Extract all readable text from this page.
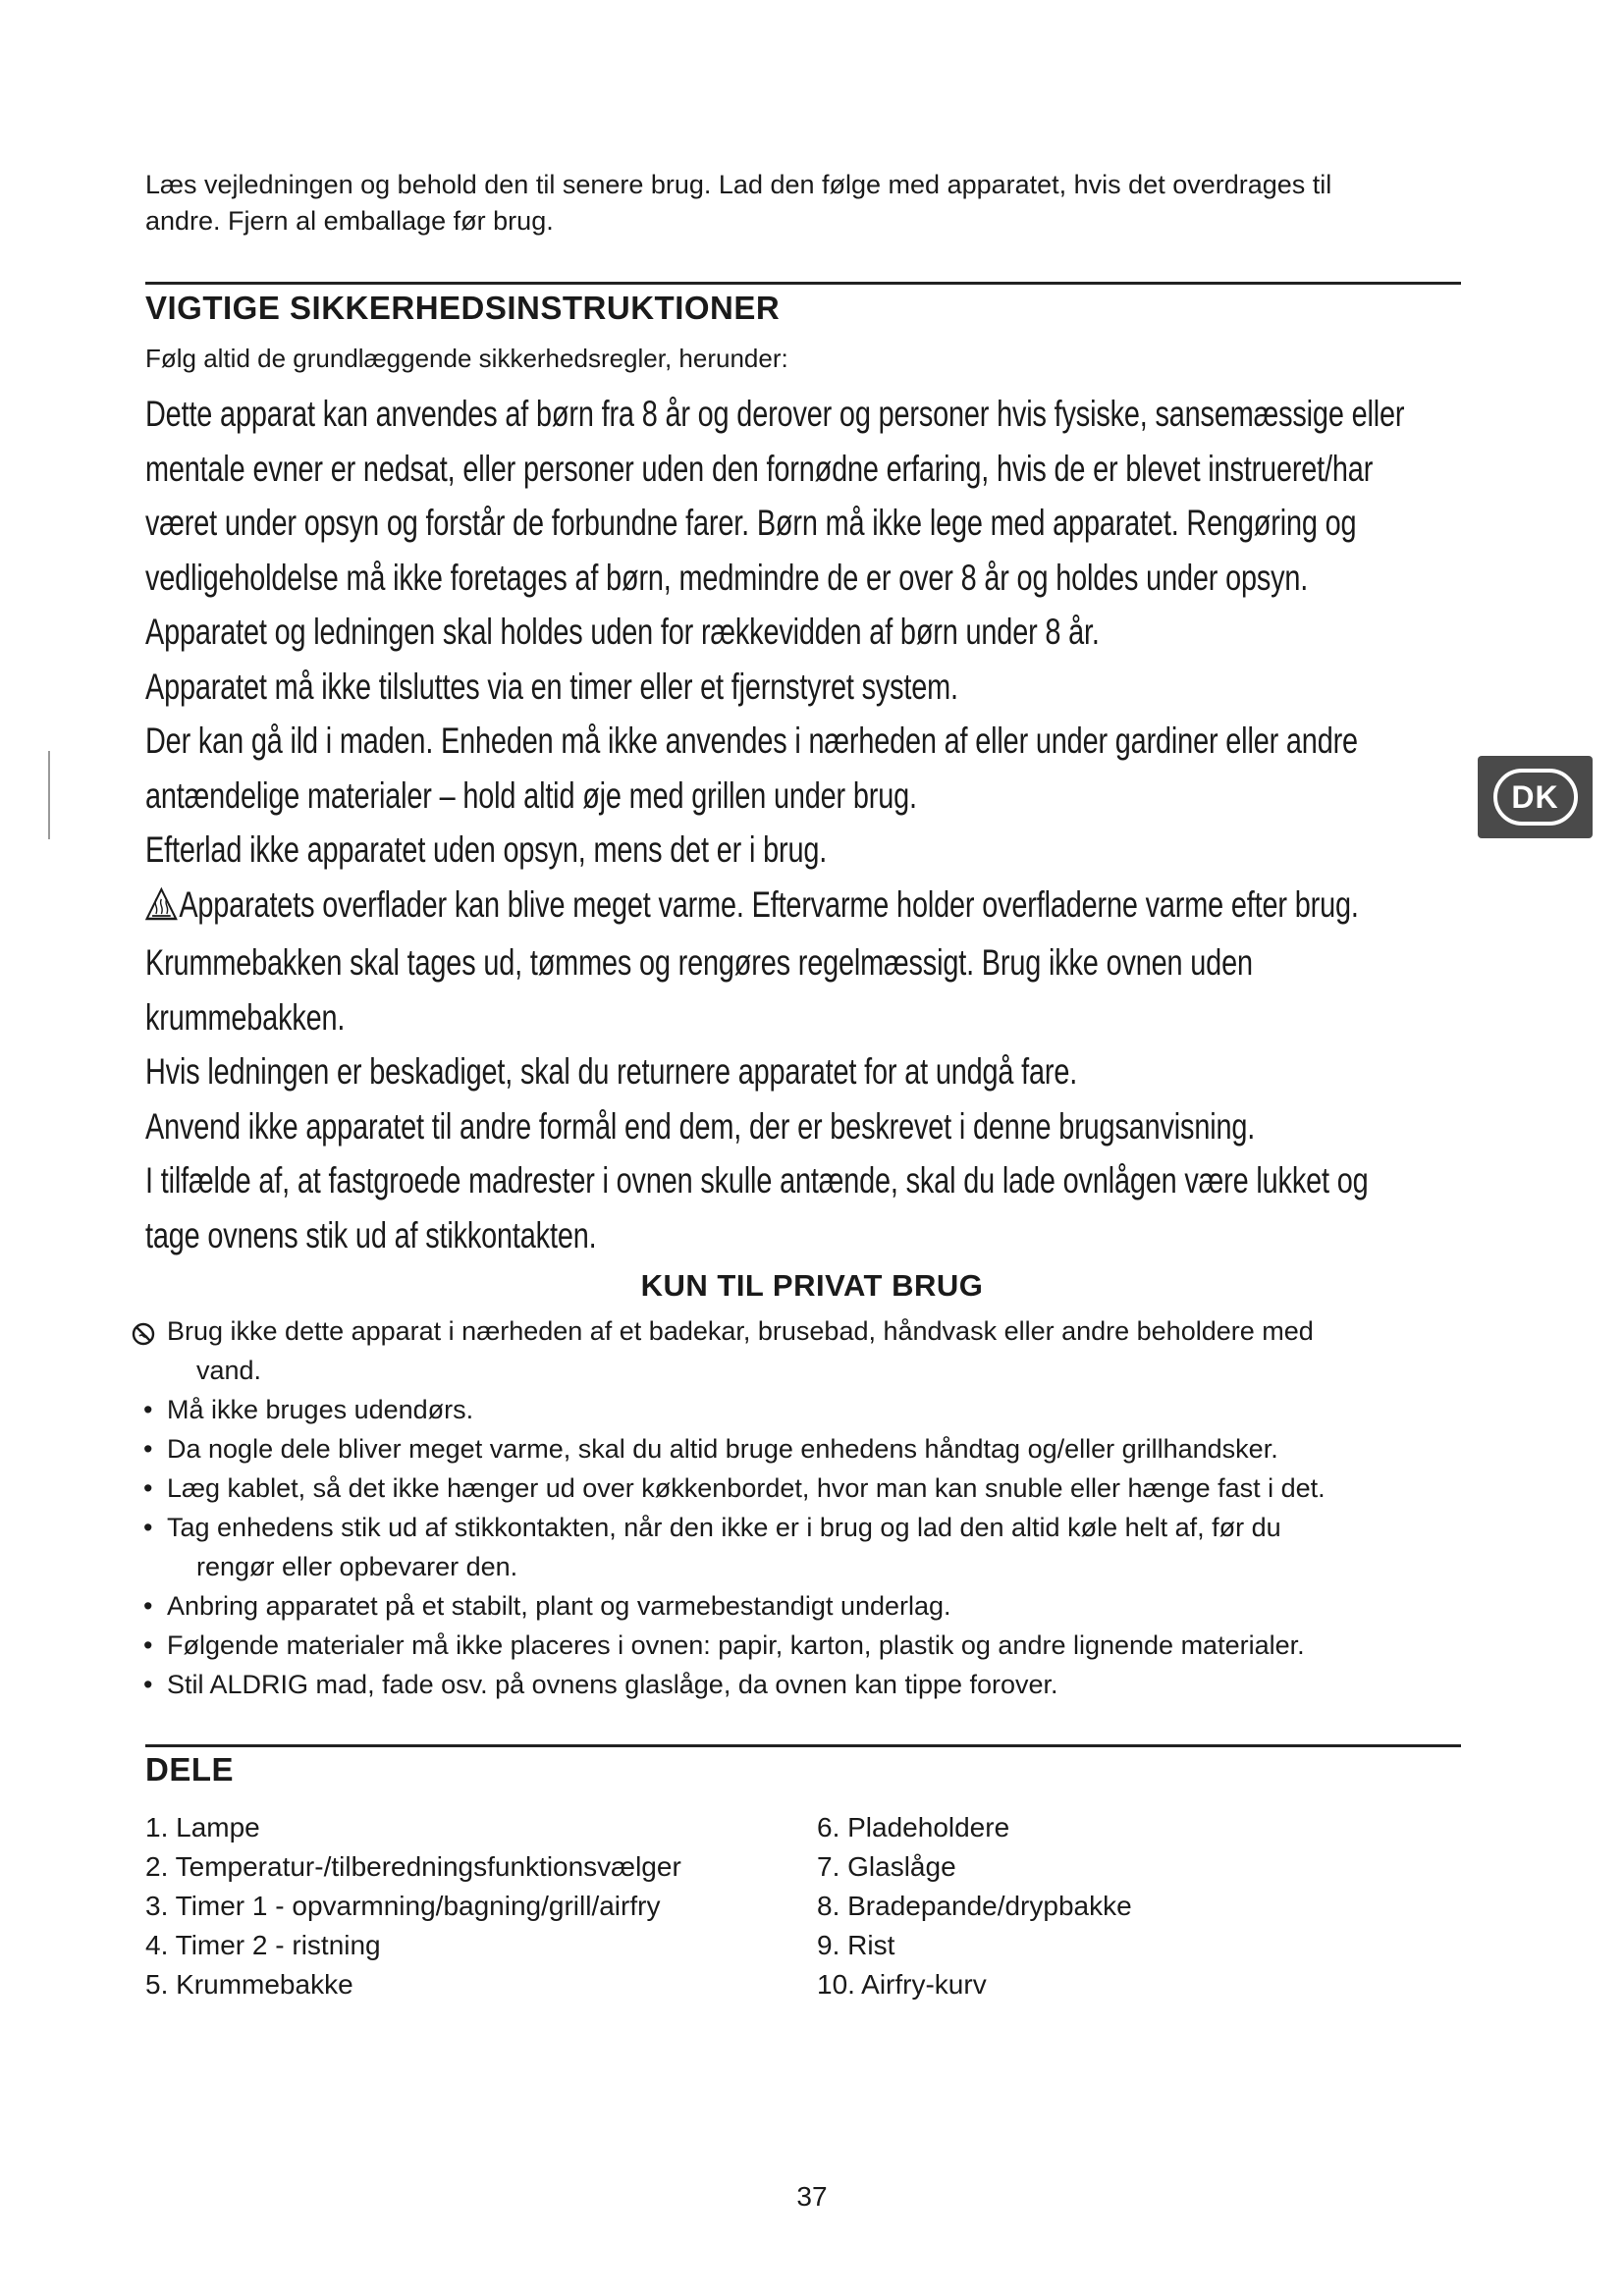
Læs vejledningen og behold den til senere brug. Lad den følge med apparatet, hvis det overdrages til
andre. Fjern al emballage før brug.
VIGTIGE SIKKERHEDSINSTRUKTIONER
Følg altid de grundlæggende sikkerhedsregler, herunder:

Dette apparat kan anvendes af børn fra 8 år og derover og personer hvis fysiske, sansemæssige eller

mentale evner er nedsat, eller personer uden den fornødne erfaring, hvis de er blevet instrueret/har

været under opsyn og forstår de forbundne farer. Børn må ikke lege med apparatet. Rengøring og

vedligeholdelse må ikke foretages af børn, medmindre de er over 8 år og holdes under opsyn.

Apparatet og ledningen skal holdes uden for rækkevidden af børn under 8 år.

Apparatet må ikke tilsluttes via en timer eller et fjernstyret system.

Der kan gå ild i maden. Enheden må ikke anvendes i nærheden af eller under gardiner eller andre

antændelige materialer – hold altid øje med grillen under brug.

Efterlad ikke apparatet uden opsyn, mens det er i brug.

Apparatets overflader kan blive meget varme. Eftervarme holder overfladerne varme efter brug.

Krummebakken skal tages ud, tømmes og rengøres regelmæssigt. Brug ikke ovnen uden

krummebakken.

Hvis ledningen er beskadiget, skal du returnere apparatet for at undgå fare.

Anvend ikke apparatet til andre formål end dem, der er beskrevet i denne brugsanvisning.

I tilfælde af, at fastgroede madrester i ovnen skulle antænde, skal du lade ovnlågen være lukket og

tage ovnens stik ud af stikkontakten.

KUN TIL PRIVAT BRUG
Brug ikke dette apparat i nærheden af et badekar, brusebad, håndvask eller andre beholdere med
vand.
• Må ikke bruges udendørs.
• Da nogle dele bliver meget varme, skal du altid bruge enhedens håndtag og/eller grillhandsker.
• Læg kablet, så det ikke hænger ud over køkkenbordet, hvor man kan snuble eller hænge fast i det.
• Tag enhedens stik ud af stikkontakten, når den ikke er i brug og lad den altid køle helt af, før du
rengør eller opbevarer den.
• Anbring apparatet på et stabilt, plant og varmebestandigt underlag.
• Følgende materialer må ikke placeres i ovnen: papir, karton, plastik og andre lignende materialer.
• Stil ALDRIG mad, fade osv. på ovnens glaslåge, da ovnen kan tippe forover.
DELE
1. Lampe
2. Temperatur-/tilberedningsfunktionsvælger
3. Timer 1 - opvarmning/bagning/grill/airfry
4. Timer 2 - ristning
5. Krummebakke
6. Pladeholdere
7. Glaslåge
8. Bradepande/drypbakke
9. Rist
10. Airfry-kurv
DK
37
